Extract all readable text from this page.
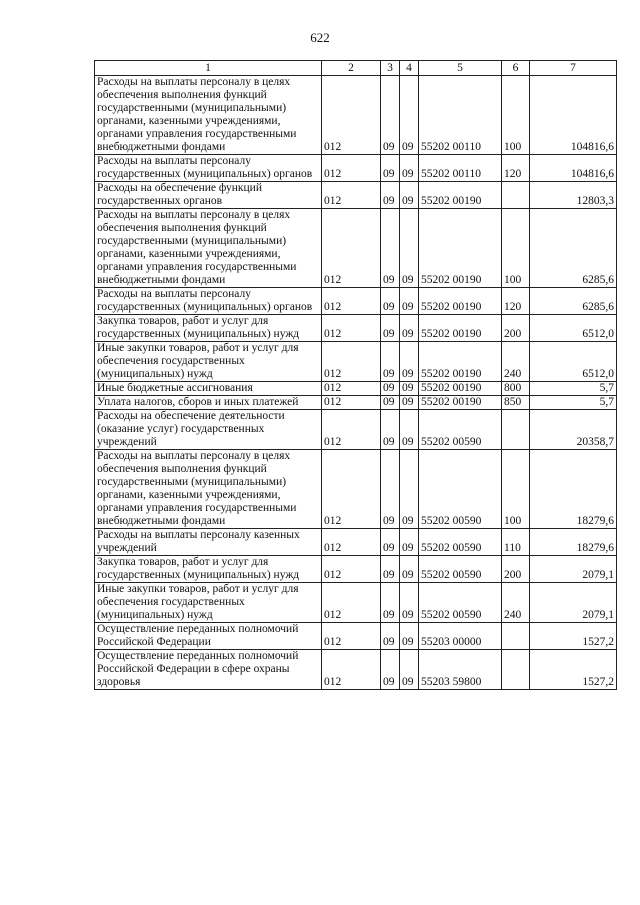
622
1	2	3	4	5	6	7
Расходы на выплаты персоналу в целях обеспечения выполнения функций государственными (муниципальными) органами, казенными учреждениями, органами управления государственными внебюджетными фондами	012	09	09	55202 00110	100	104816,6
Расходы на выплаты персоналу государственных (муниципальных) органов	012	09	09	55202 00110	120	104816,6
Расходы на обеспечение функций государственных органов	012	09	09	55202 00190		12803,3
Расходы на выплаты персоналу в целях обеспечения выполнения функций государственными (муниципальными) органами, казенными учреждениями, органами управления государственными внебюджетными фондами	012	09	09	55202 00190	100	6285,6
Расходы на выплаты персоналу государственных (муниципальных) органов	012	09	09	55202 00190	120	6285,6
Закупка товаров, работ и услуг для государственных (муниципальных) нужд	012	09	09	55202 00190	200	6512,0
Иные закупки товаров, работ и услуг для обеспечения государственных (муниципальных) нужд	012	09	09	55202 00190	240	6512,0
Иные бюджетные ассигнования	012	09	09	55202 00190	800	5,7
Уплата налогов, сборов и иных платежей	012	09	09	55202 00190	850	5,7
Расходы на обеспечение деятельности (оказание услуг) государственных учреждений	012	09	09	55202 00590		20358,7
Расходы на выплаты персоналу в целях обеспечения выполнения функций государственными (муниципальными) органами, казенными учреждениями, органами управления государственными внебюджетными фондами	012	09	09	55202 00590	100	18279,6
Расходы на выплаты персоналу казенных учреждений	012	09	09	55202 00590	110	18279,6
Закупка товаров, работ и услуг для государственных (муниципальных) нужд	012	09	09	55202 00590	200	2079,1
Иные закупки товаров, работ и услуг для обеспечения государственных (муниципальных) нужд	012	09	09	55202 00590	240	2079,1
Осуществление переданных полномочий Российской Федерации	012	09	09	55203 00000		1527,2
Осуществление переданных полномочий Российской Федерации в сфере охраны здоровья	012	09	09	55203 59800		1527,2
